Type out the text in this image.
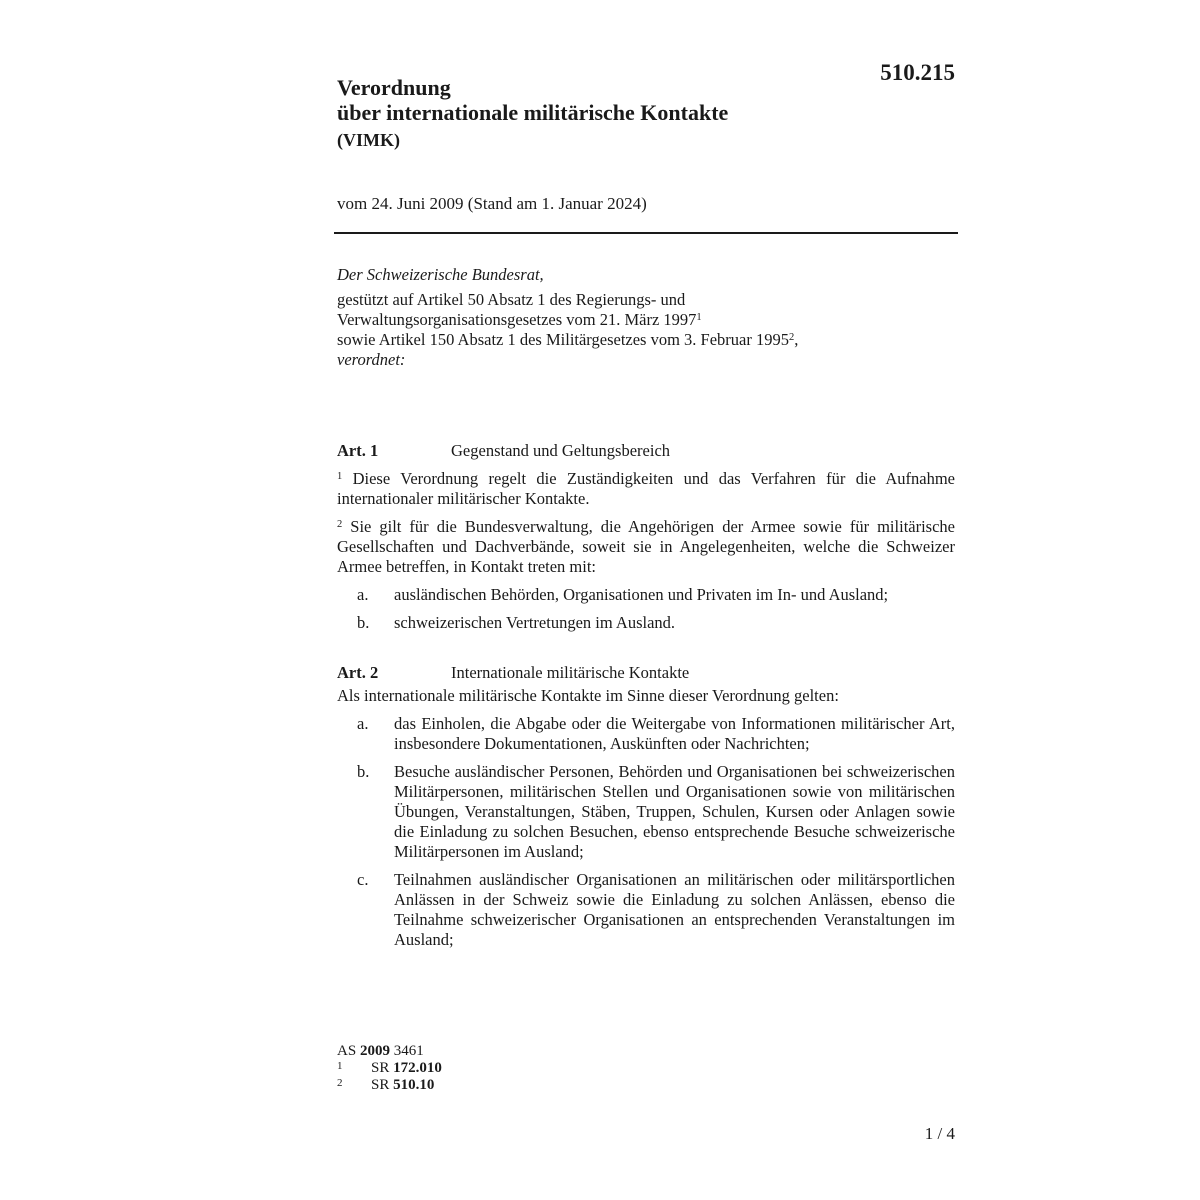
510.215
Verordnung
über internationale militärische Kontakte
(VIMK)
vom 24. Juni 2009 (Stand am 1. Januar 2024)
Der Schweizerische Bundesrat,
gestützt auf Artikel 50 Absatz 1 des Regierungs- und
Verwaltungsorganisationsgesetzes vom 21. März 1997$^1$
sowie Artikel 150 Absatz 1 des Militärgesetzes vom 3. Februar 1995$^2$,
verordnet:
Art. 1	Gegenstand und Geltungsbereich
$^1$ Diese Verordnung regelt die Zuständigkeiten und das Verfahren für die Aufnahme internationaler militärischer Kontakte.
$^2$ Sie gilt für die Bundesverwaltung, die Angehörigen der Armee sowie für militärische Gesellschaften und Dachverbände, soweit sie in Angelegenheiten, welche die Schweizer Armee betreffen, in Kontakt treten mit:
a.	ausländischen Behörden, Organisationen und Privaten im In- und Ausland;
b.	schweizerischen Vertretungen im Ausland.
Art. 2	Internationale militärische Kontakte
Als internationale militärische Kontakte im Sinne dieser Verordnung gelten:
a.	das Einholen, die Abgabe oder die Weitergabe von Informationen militärischer Art, insbesondere Dokumentationen, Auskünften oder Nachrichten;
b.	Besuche ausländischer Personen, Behörden und Organisationen bei schweizerischen Militärpersonen, militärischen Stellen und Organisationen sowie von militärischen Übungen, Veranstaltungen, Stäben, Truppen, Schulen, Kursen oder Anlagen sowie die Einladung zu solchen Besuchen, ebenso entsprechende Besuche schweizerische Militärpersonen im Ausland;
c.	Teilnahmen ausländischer Organisationen an militärischen oder militärsportlichen Anlässen in der Schweiz sowie die Einladung zu solchen Anlässen, ebenso die Teilnahme schweizerischer Organisationen an entsprechenden Veranstaltungen im Ausland;
AS 2009 3461
1	SR 172.010
2	SR 510.10
1 / 4
